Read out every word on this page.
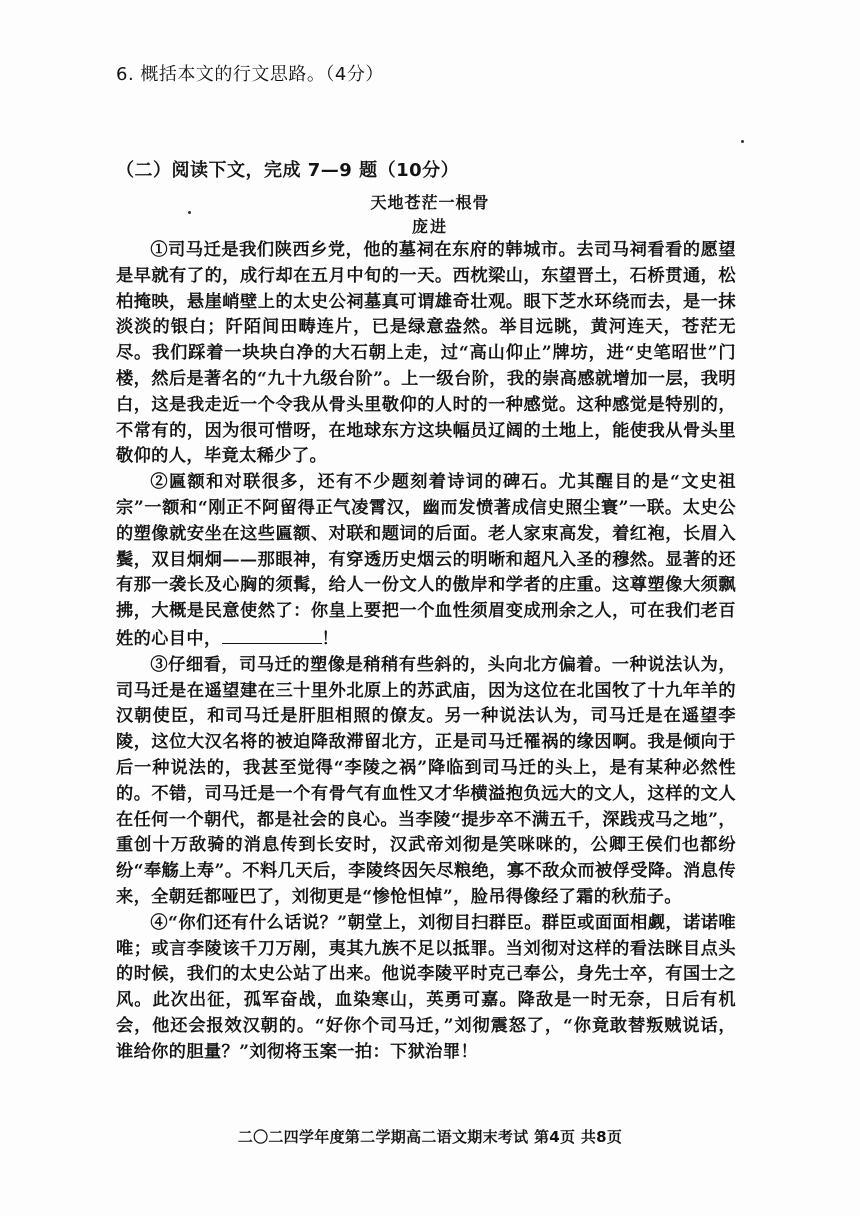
6. 概括本文的行文思路。（4分）
（二）阅读下文，完成 7—9 题（10分）
天地苍茫一根骨
庞进

①司马迁是我们陕西乡党，他的墓祠在东府的韩城市。去司马祠看看的愿望是早就有了的，成行却在五月中旬的一天。西枕梁山，东望晋土，石桥贯通，松柏掩映，悬崖峭壁上的太史公祠墓真可谓雄奇壮观。眼下芝水环绕而去，是一抹淡淡的银白；阡陌间田畴连片，已是绿意盎然。举目远眺，黄河连天，苍茫无尽。我们踩着一块块白净的大石朝上走，过“高山仰止”牌坊，进“史笔昭世”门楼，然后是著名的“九十九级台阶”。上一级台阶，我的崇高感就增加一层，我明白，这是我走近一个令我从骨头里敬仰的人时的一种感觉。这种感觉是特别的，不常有的，因为很可惜呀，在地球东方这块幅员辽阔的土地上，能使我从骨头里敬仰的人，毕竟太稀少了。

②匾额和对联很多，还有不少题刻着诗词的碑石。尤其醒目的是“文史祖宗”一额和“刚正不阿留得正气凌霄汉，幽而发愤著成信史照尘寰”一联。太史公的塑像就安坐在这些匾额、对联和题词的后面。老人家束高发，着红袍，长眉入鬓，双目炯炯——那眼神，有穿透历史烟云的明晰和超凡入圣的穆然。显著的还有那一袭长及心胸的须髯，给人一份文人的傲岸和学者的庄重。这尊塑像大须飘拂，大概是民意使然了：你皇上要把一个血性须眉变成刑余之人，可在我们老百姓的心目中，	！

③仔细看，司马迁的塑像是稍稍有些斜的，头向北方偏着。一种说法认为，司马迁是在遥望建在三十里外北原上的苏武庙，因为这位在北国牧了十九年羊的汉朝使臣，和司马迁是肝胆相照的僚友。另一种说法认为，司马迁是在遥望李陵，这位大汉名将的被迫降敌滞留北方，正是司马迁罹祸的缘因啊。我是倾向于后一种说法的，我甚至觉得“李陵之祸”降临到司马迁的头上，是有某种必然性的。不错，司马迁是一个有骨气有血性又才华横溢抱负远大的文人，这样的文人在任何一个朝代，都是社会的良心。当李陵“提步卒不满五千，深践戎马之地”，重创十万敌骑的消息传到长安时，汉武帝刘彻是笑咪咪的，公卿王侯们也都纷纷“奉觞上寿”。不料几天后，李陵终因矢尽粮绝，寡不敌众而被俘受降。消息传来，全朝廷都哑巴了，刘彻更是“惨怆怛悼”，脸吊得像经了霜的秋茄子。

④“你们还有什么话说？”朝堂上，刘彻目扫群臣。群臣或面面相觑，诺诺唯唯；或言李陵该千刀万剐，夷其九族不足以抵罪。当刘彻对这样的看法眯目点头的时候，我们的太史公站了出来。他说李陵平时克己奉公，身先士卒，有国士之风。此次出征，孤军奋战，血染寒山，英勇可嘉。降敌是一时无奈，日后有机会，他还会报效汉朝的。“好你个司马迁，”刘彻震怒了，“你竟敢替叛贼说话，谁给你的胆量？”刘彻将玉案一拍：下狱治罪！

二〇二四学年度第二学期高二语文期末考试 第4页 共8页
